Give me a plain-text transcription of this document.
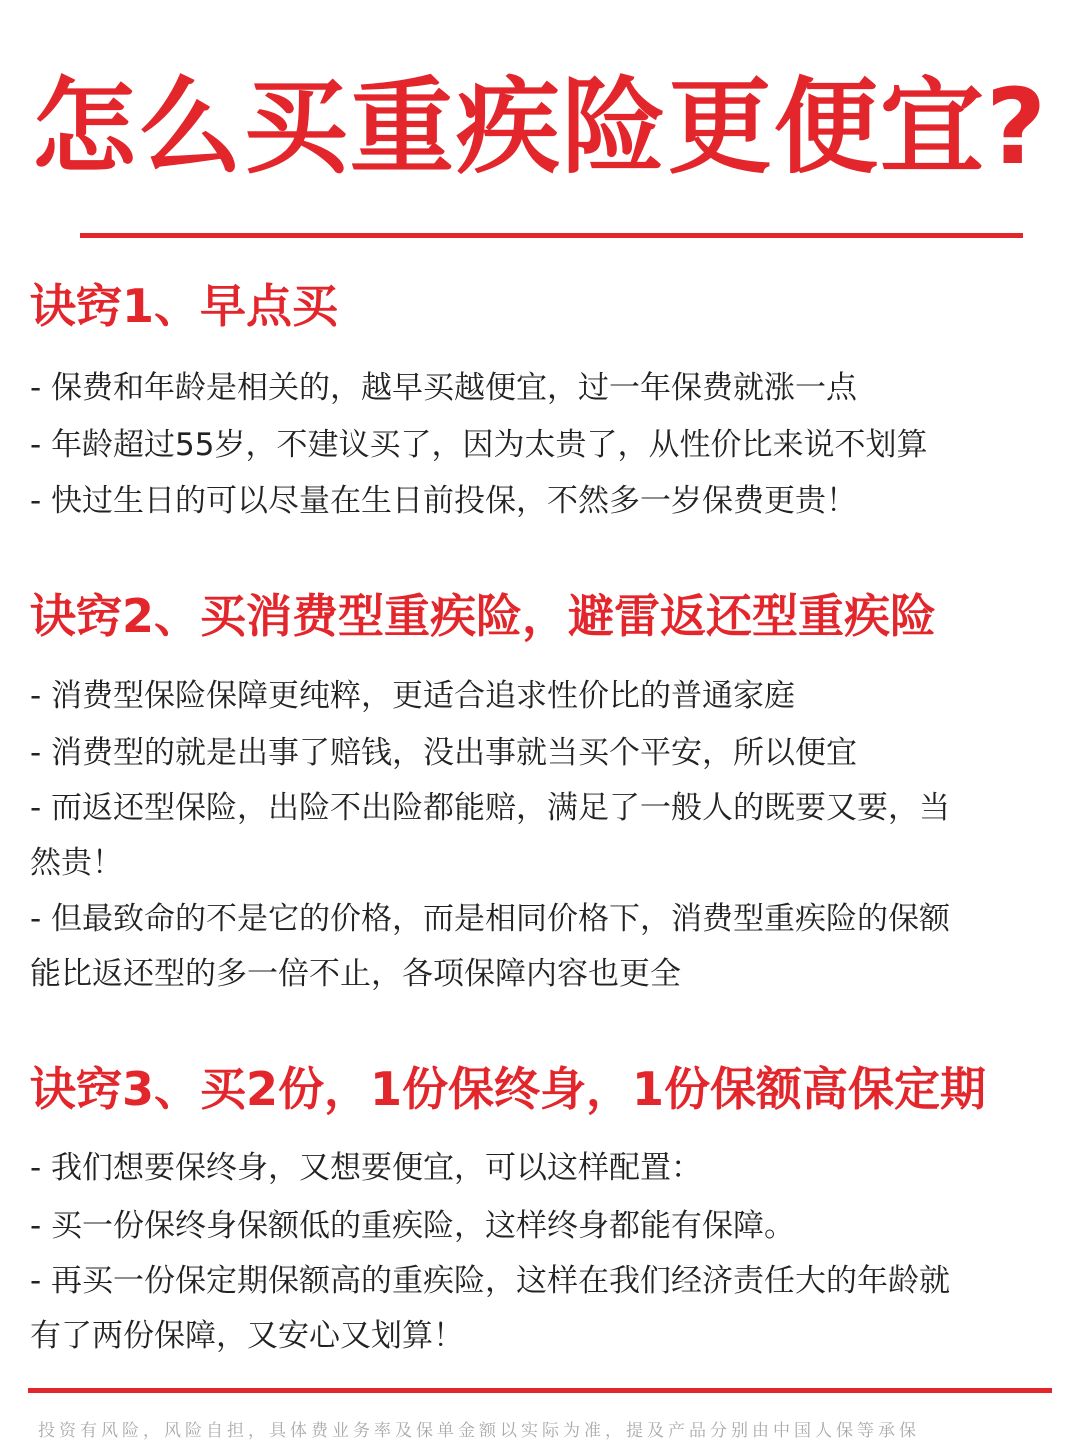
怎么买重疾险更便宜?
诀窍1、早点买
- 保费和年龄是相关的，越早买越便宜，过一年保费就涨一点
- 年龄超过55岁，不建议买了，因为太贵了，从性价比来说不划算
- 快过生日的可以尽量在生日前投保，不然多一岁保费更贵！
诀窍2、买消费型重疾险，避雷返还型重疾险
- 消费型保险保障更纯粹，更适合追求性价比的普通家庭
- 消费型的就是出事了赔钱，没出事就当买个平安，所以便宜
- 而返还型保险，出险不出险都能赔，满足了一般人的既要又要，当
然贵！
- 但最致命的不是它的价格，而是相同价格下，消费型重疾险的保额
能比返还型的多一倍不止，各项保障内容也更全
诀窍3、买2份，1份保终身，1份保额高保定期
- 我们想要保终身，又想要便宜，可以这样配置：
- 买一份保终身保额低的重疾险，这样终身都能有保障。
- 再买一份保定期保额高的重疾险，这样在我们经济责任大的年龄就
有了两份保障，又安心又划算！
投资有风险，风险自担，具体费业务率及保单金额以实际为准，提及产品分别由中国人保等承保
